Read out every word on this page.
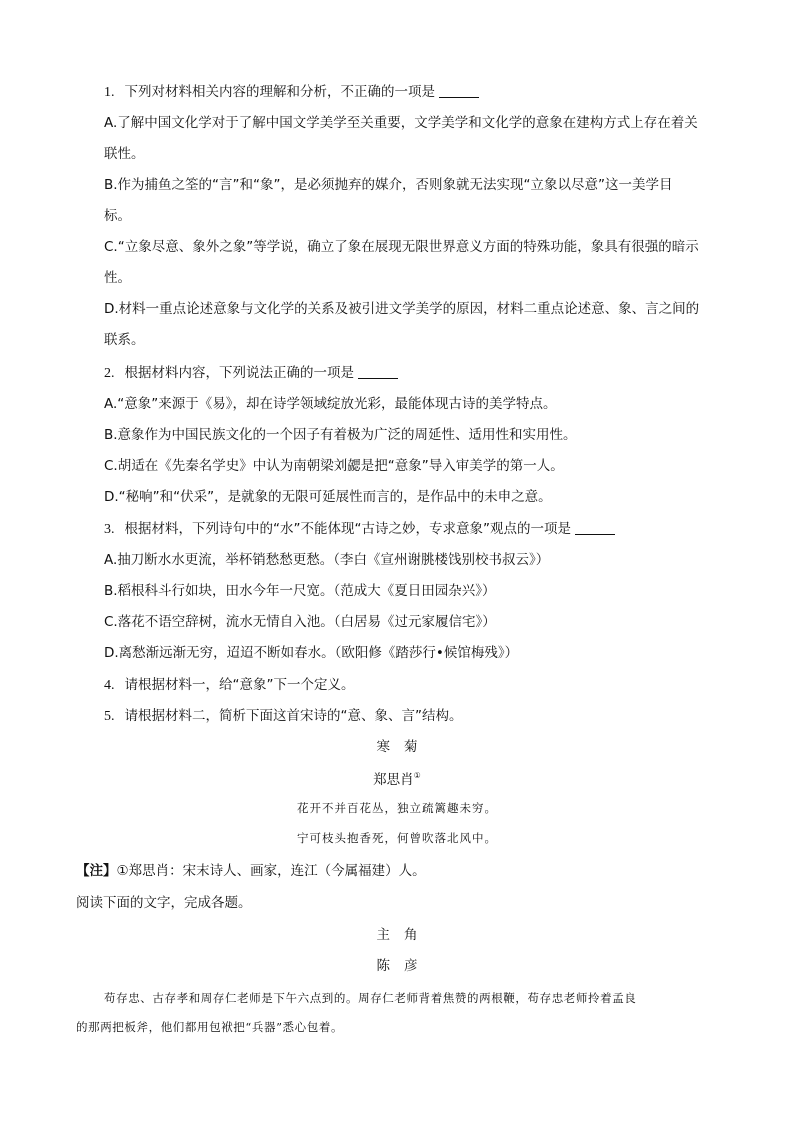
1. 下列对材料相关内容的理解和分析，不正确的一项是
A.了解中国文化学对于了解中国文学美学至关重要，文学美学和文化学的意象在建构方式上存在着关
联性。
B.作为捕鱼之筌的“言”和“象”，是必须抛弃的媒介，否则象就无法实现“立象以尽意”这一美学目
标。
C.“立象尽意、象外之象”等学说，确立了象在展现无限世界意义方面的特殊功能，象具有很强的暗示
性。
D.材料一重点论述意象与文化学的关系及被引进文学美学的原因，材料二重点论述意、象、言之间的
联系。
2. 根据材料内容，下列说法正确的一项是
A.“意象”来源于《易》，却在诗学领域绽放光彩，最能体现古诗的美学特点。
B.意象作为中国民族文化的一个因子有着极为广泛的周延性、适用性和实用性。
C.胡适在《先秦名学史》中认为南朝梁刘勰是把“意象”导入审美学的第一人。
D.“秘响”和“伏采”，是就象的无限可延展性而言的，是作品中的未申之意。
3. 根据材料，下列诗句中的“水”不能体现“古诗之妙，专求意象”观点的一项是
A.抽刀断水水更流，举杯销愁愁更愁。（李白《宣州谢朓楼饯别校书叔云》）
B.稻根科斗行如块，田水今年一尺宽。（范成大《夏日田园杂兴》）
C.落花不语空辞树，流水无情自入池。（白居易《过元家履信宅》）
D.离愁渐远渐无穷，迢迢不断如春水。（欧阳修《踏莎行•候馆梅残》）
4. 请根据材料一，给“意象”下一个定义。
5. 请根据材料二，简析下面这首宋诗的“意、象、言”结构。
寒菊
郑思肖①
花开不并百花丛，独立疏篱趣未穷。
宁可枝头抱香死，何曾吹落北风中。
【注】①郑思肖：宋末诗人、画家，连江（今属福建）人。
阅读下面的文字，完成各题。
主角
陈彦
苟存忠、古存孝和周存仁老师是下午六点到的。周存仁老师背着焦赞的两根鞭，苟存忠老师拎着孟良
的那两把板斧，他们都用包袱把“兵器”悉心包着。
